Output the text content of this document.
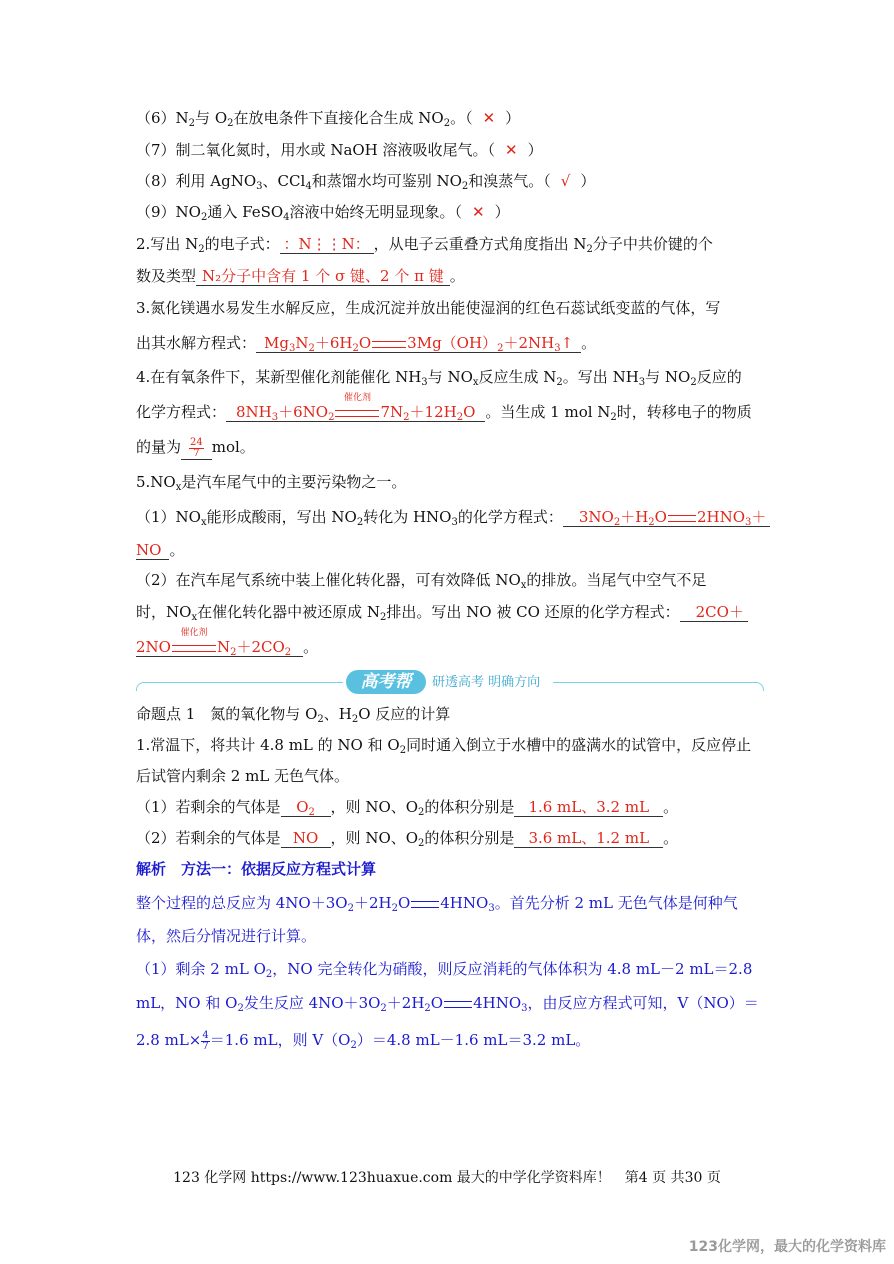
$(6)N_2$与 $O_2$在放电条件下直接化合生成 $NO_2$。（ ✕ ）
（7）制二氧化氮时，用水或 NaOH 溶液吸收尾气。（ ✕ ）
（8）利用 AgNO$_3$、CCl$_4$和蒸馏水均可鉴别 $NO_2$和溴蒸气。（ √ ）
$(9)NO_2$通入 FeSO$_4$溶液中始终无明显现象。（ ✕ ）
2.写出 $N_2$的电子式： ：N⋮⋮N： ，从电子云重叠方式角度指出 $N_2$分子中共价键的个
数及类型 N₂分子中含有 1 个 σ 键、2 个 π 键 。
3.氮化镁遇水易发生水解反应，生成沉淀并放出能使湿润的红色石蕊试纸变蓝的气体，写
出其水解方程式： $Mg_3N_2+6H_2O$ $3Mg(OH)_2+2NH_3↑$ 。
4.在有氧条件下，某新型催化剂能催化 $NH_3$与 $NO_x$反应生成 $N_2$。写出 $NH_3$与 $NO_2$反应的
化学方程式： $8NH_3+6NO_2$
催化剂
$7N_2+12H_2O$ 。当生成 1 mol $N_2$时，转移电子的物质
的量为 $\frac{24}{7}$ mol。
$5.NO_x$是汽车尾气中的主要污染物之一。
$(1)NO_x$能形成酸雨，写出 $NO_2$转化为 $HNO_3$的化学方程式： $3NO_2+H_2O$ $2HNO_3+$
NO 。
（2）在汽车尾气系统中装上催化转化器，可有效降低 $NO_x$的排放。当尾气中空气不足
时，$NO_x$在催化转化器中被还原成 $N_2$排出。写出 NO 被 CO 还原的化学方程式： 2CO＋
2NO
催化剂
$N_2+2CO_2$ 。
高考帮	研透高考 明确方向
命题点 1　氮的氧化物与 $O_2$、$H_2O$ 反应的计算
1.常温下，将共计 4.8 mL 的 NO 和 $O_2$同时通入倒立于水槽中的盛满水的试管中，反应停止
后试管内剩余 2 mL 无色气体。
（1）若剩余的气体是 $O_2$ ，则 NO、$O_2$的体积分别是 1.6 mL、3.2 mL 。
（2）若剩余的气体是 NO ，则 NO、$O_2$的体积分别是 3.6 mL、1.2 mL 。
解析　方法一：依据反应方程式计算
整个过程的总反应为 $4NO+3O_2+2H_2O$ $4HNO_3$。首先分析 2 mL 无色气体是何种气
体，然后分情况进行计算。
（1）剩余 2 mL $O_2$，NO 完全转化为硝酸，则反应消耗的气体体积为 4.8 mL－2 mL＝2.8
mL，NO 和 $O_2$发生反应 $4NO+3O_2+2H_2O$ $4HNO_3$，由反应方程式可知，V（NO）＝
2.8 $mL\times \frac{4}{7} =1.6$ mL，则 $V(O_2)=4.8$ mL－1.6 mL＝3.2 mL。
123 化学网 https://www.123huaxue.com 最大的中学化学资料库！　第4 页 共30 页
123化学网，最大的化学资料库
